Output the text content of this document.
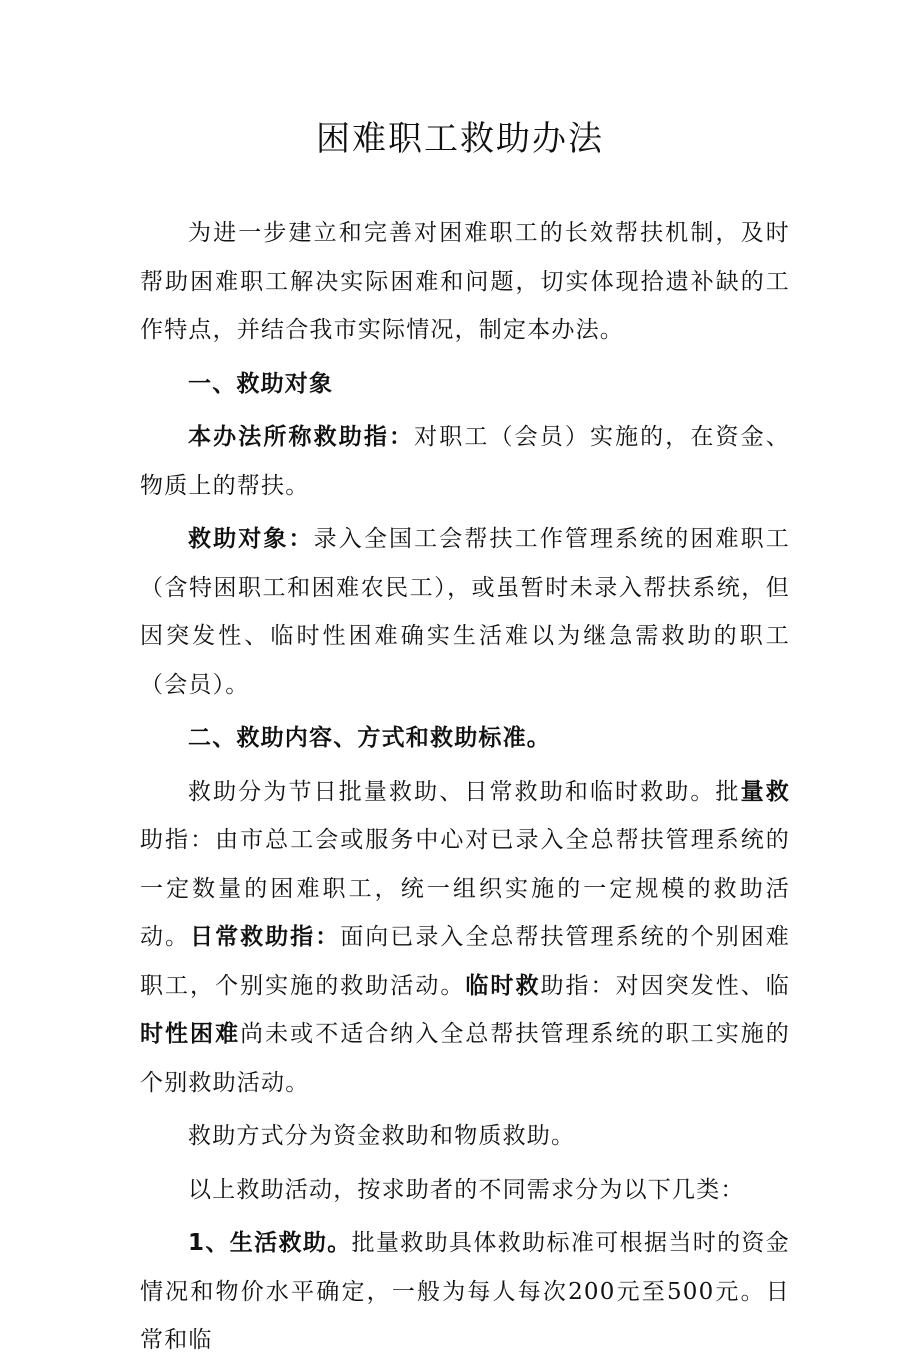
困难职工救助办法

为进一步建立和完善对困难职工的长效帮扶机制，及时帮助困难职工解决实际困难和问题，切实体现拾遗补缺的工作特点，并结合我市实际情况，制定本办法。

一、救助对象

本办法所称救助指：对职工（会员）实施的，在资金、物质上的帮扶。

救助对象：录入全国工会帮扶工作管理系统的困难职工（含特困职工和困难农民工），或虽暂时未录入帮扶系统，但因突发性、临时性困难确实生活难以为继急需救助的职工（会员）。

二、救助内容、方式和救助标准。

救助分为节日批量救助、日常救助和临时救助。批量救助指：由市总工会或服务中心对已录入全总帮扶管理系统的一定数量的困难职工，统一组织实施的一定规模的救助活动。日常救助指：面向已录入全总帮扶管理系统的个别困难职工，个别实施的救助活动。临时救助指：对因突发性、临时性困难尚未或不适合纳入全总帮扶管理系统的职工实施的个别救助活动。

救助方式分为资金救助和物质救助。

以上救助活动，按求助者的不同需求分为以下几类：

1、生活救助。批量救助具体救助标准可根据当时的资金情况和物价水平确定，一般为每人每次200元至500元。日常和临
